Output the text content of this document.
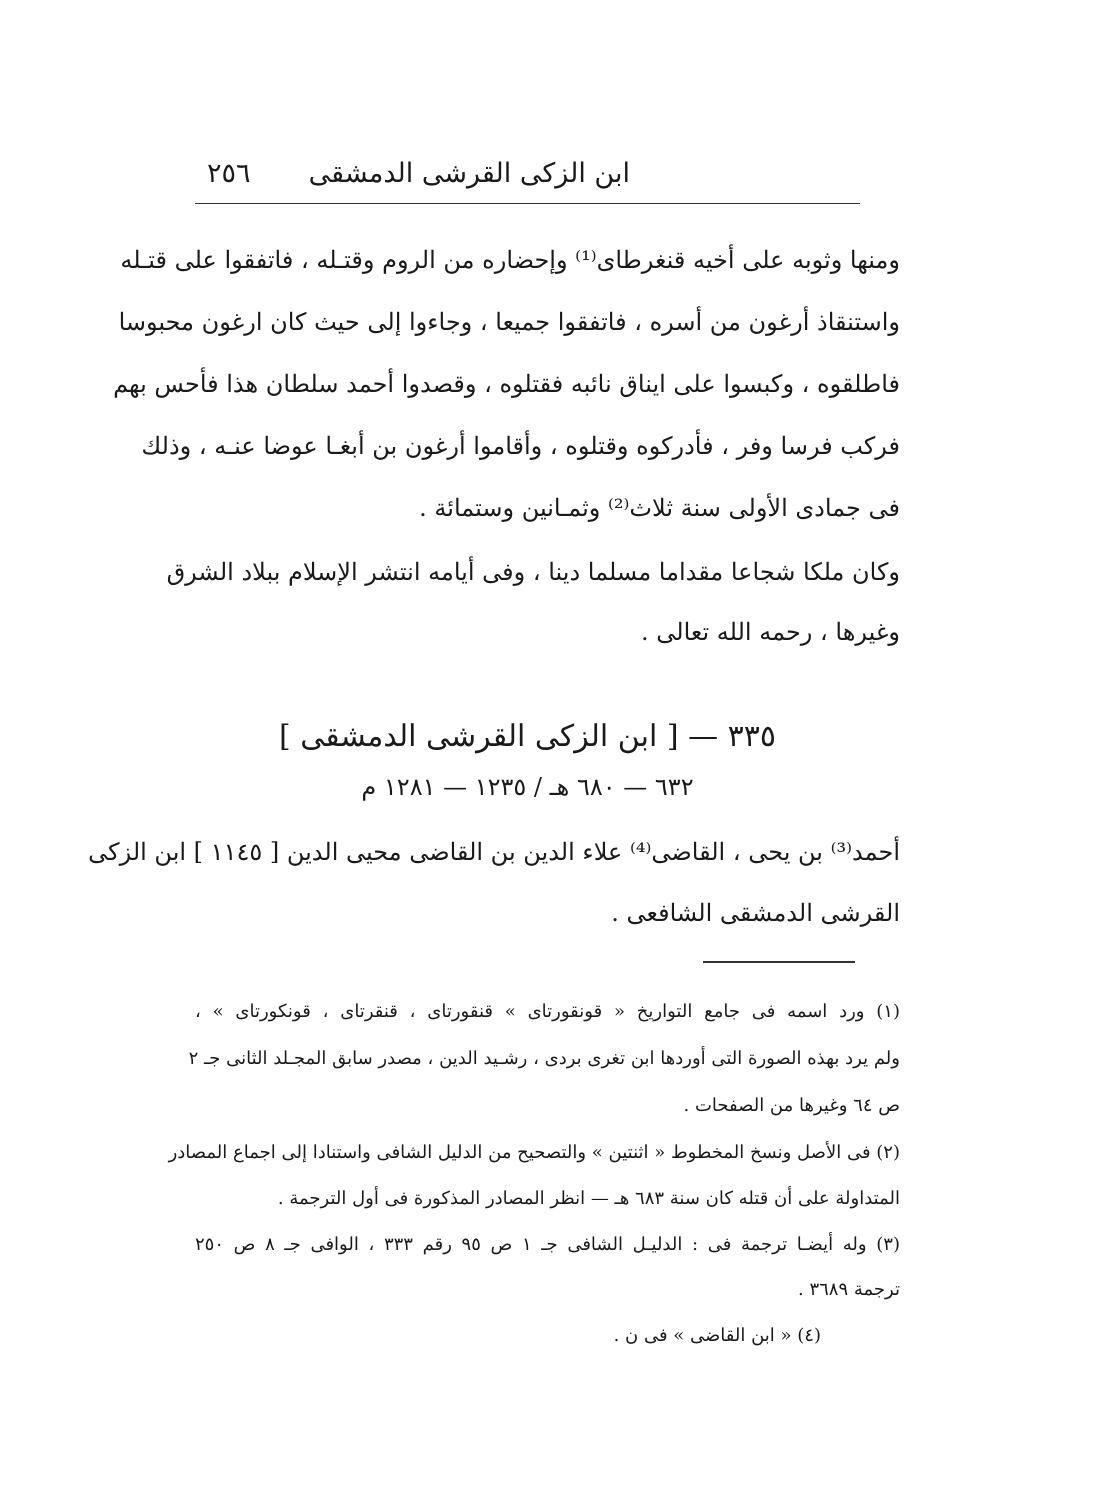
ابن الزكى القرشى الدمشقى
٢٥٦
ومنها وثوبه على أخيه قنغرطاى⁽¹⁾ وإحضاره من الروم وقتـله ، فاتفقوا على قتـله
واستنقاذ أرغون من أسره ، فاتفقوا جميعا ، وجاءوا إلى حيث كان ارغون محبوسا
فاطلقوه ، وكبسوا على ايناق نائبه فقتلوه ، وقصدوا أحمد سلطان هذا فأحس بهم
فركب فرسا وفر ، فأدركوه وقتلوه ، وأقاموا أرغون بن أبغـا عوضا عنـه ، وذلك
فى جمادى الأولى سنة ثلاث⁽²⁾ وثمـانين وستمائة .
وكان ملكا شجاعا مقداما مسلما دينا ، وفى أيامه انتشر الإسلام ببلاد الشرق
وغيرها ، رحمه الله تعالى .
٣٣٥ — [ ابن الزكى القرشى الدمشقى ]
٦٣٢ — ٦٨٠ هـ / ١٢٣٥ — ١٢٨١ م
أحمد⁽³⁾ بن يحى ، القاضى⁽⁴⁾ علاء الدين بن القاضى محيى الدين [ ١١٤٥ ] ابن الزكى
القرشى الدمشقى الشافعى .
(١) ورد اسمه فى جامع التواريخ « قونقورتاى » قنقورتاى ، قنقرتاى ، قونكورتاى » ،
ولم يرد بهذه الصورة التى أوردها ابن تغرى بردى ، رشـيد الدين ، مصدر سابق المجـلد الثانى جـ ٢
ص ٦٤ وغيرها من الصفحات .
(٢) فى الأصل ونسخ المخطوط « اثنتين » والتصحيح من الدليل الشافى واستنادا إلى اجماع المصادر
المتداولة على أن قتله كان سنة ٦٨٣ هـ — انظر المصادر المذكورة فى أول الترجمة .
(٣) وله أيضـا ترجمة فى : الدليـل الشافى جـ ١ ص ٩٥ رقم ٣٣٣ ، الوافى جـ ٨ ص ٢٥٠
ترجمة ٣٦٨٩ .
(٤) « ابن القاضى » فى ن .
